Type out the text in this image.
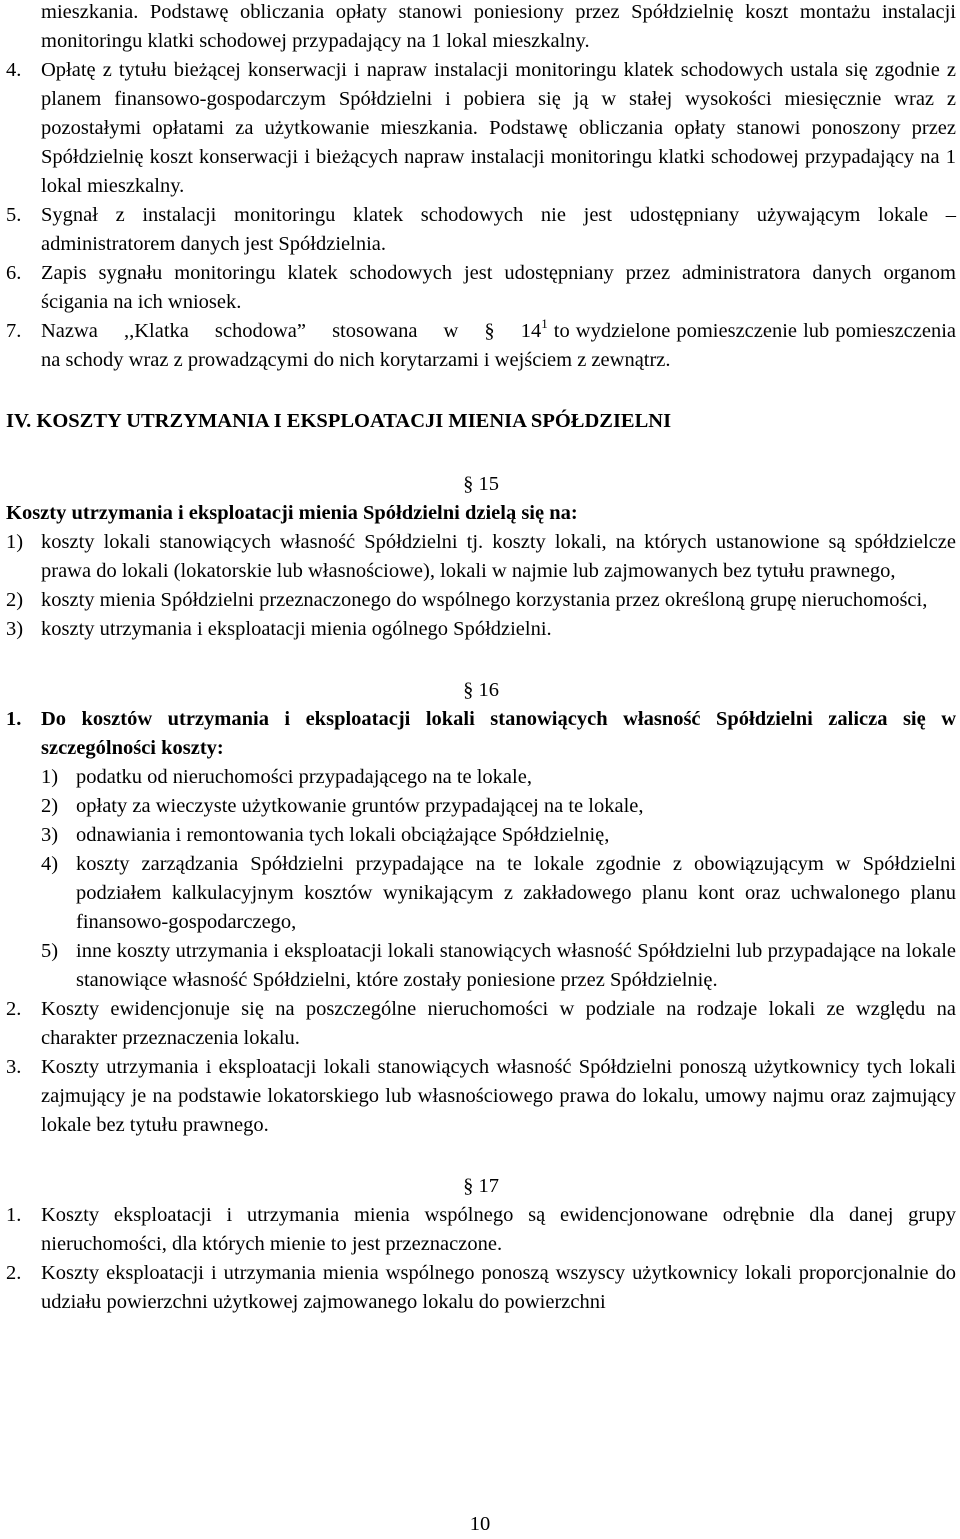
mieszkania. Podstawę obliczania opłaty stanowi poniesiony przez Spółdzielnię koszt montażu instalacji monitoringu klatki schodowej przypadający na 1 lokal mieszkalny.

4. Opłatę z tytułu bieżącej konserwacji i napraw instalacji monitoringu klatek schodowych ustala się zgodnie z planem finansowo-gospodarczym Spółdzielni i pobiera się ją w stałej wysokości miesięcznie wraz z pozostałymi opłatami za użytkowanie mieszkania. Podstawę obliczania opłaty stanowi ponoszony przez Spółdzielnię koszt konserwacji i bieżących napraw instalacji monitoringu klatki schodowej przypadający na 1 lokal mieszkalny.
5. Sygnał z instalacji monitoringu klatek schodowych nie jest udostępniany używającym lokale – administratorem danych jest Spółdzielnia.
6. Zapis sygnału monitoringu klatek schodowych jest udostępniany przez administratora danych organom ścigania na ich wniosek.
7. Nazwa ,,Klatka schodowa” stosowana w § $14^1$ to wydzielone pomieszczenie lub pomieszczenia na schody wraz z prowadzącymi do nich korytarzami i wejściem z zewnątrz.

IV. KOSZTY UTRZYMANIA I EKSPLOATACJI MIENIA SPÓŁDZIELNI

§ 15

Koszty utrzymania i eksploatacji mienia Spółdzielni dzielą się na:

1) koszty lokali stanowiących własność Spółdzielni tj. koszty lokali, na których ustanowione są spółdzielcze prawa do lokali (lokatorskie lub własnościowe), lokali w najmie lub zajmowanych bez tytułu prawnego,
2) koszty mienia Spółdzielni przeznaczonego do wspólnego korzystania przez określoną grupę nieruchomości,
3) koszty utrzymania i eksploatacji mienia ogólnego Spółdzielni.

§ 16

1. Do kosztów utrzymania i eksploatacji lokali stanowiących własność Spółdzielni zalicza się w szczególności koszty:
1) podatku od nieruchomości przypadającego na te lokale,
2) opłaty za wieczyste użytkowanie gruntów przypadającej na te lokale,
3) odnawiania i remontowania tych lokali obciążające Spółdzielnię,
4) koszty zarządzania Spółdzielni przypadające na te lokale zgodnie z obowiązującym w Spółdzielni podziałem kalkulacyjnym kosztów wynikającym z zakładowego planu kont oraz uchwalonego planu finansowo-gospodarczego,
5) inne koszty utrzymania i eksploatacji lokali stanowiących własność Spółdzielni lub przypadające na lokale stanowiące własność Spółdzielni, które zostały poniesione przez Spółdzielnię.
2. Koszty ewidencjonuje się na poszczególne nieruchomości w podziale na rodzaje lokali ze względu na charakter przeznaczenia lokalu.
3. Koszty utrzymania i eksploatacji lokali stanowiących własność Spółdzielni ponoszą użytkownicy tych lokali zajmujący je na podstawie lokatorskiego lub własnościowego prawa do lokalu, umowy najmu oraz zajmujący lokale bez tytułu prawnego.

§ 17

1. Koszty eksploatacji i utrzymania mienia wspólnego są ewidencjonowane odrębnie dla danej grupy nieruchomości, dla których mienie to jest przeznaczone.
2. Koszty eksploatacji i utrzymania mienia wspólnego ponoszą wszyscy użytkownicy lokali proporcjonalnie do udziału powierzchni użytkowej zajmowanego lokalu do powierzchni
10
